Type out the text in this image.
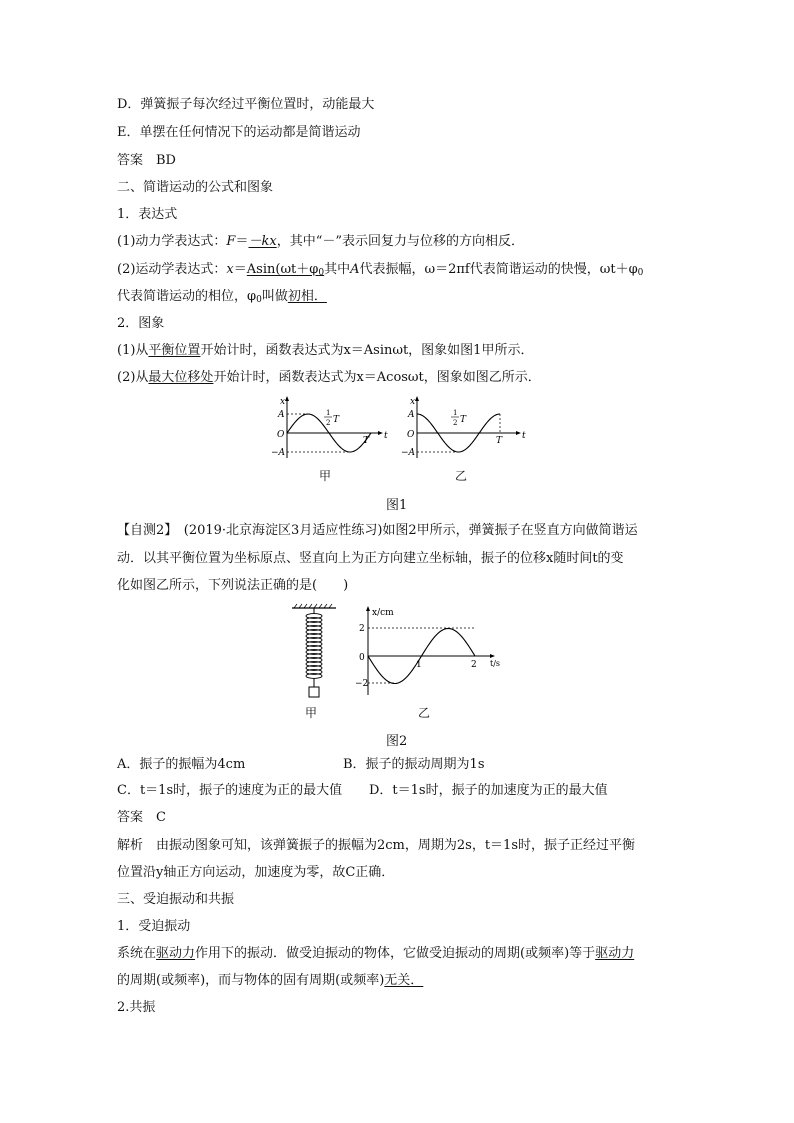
D．弹簧振子每次经过平衡位置时，动能最大
E．单摆在任何情况下的运动都是简谐运动
答案　BD
二、简谐运动的公式和图象
1．表达式
(1)动力学表达式：F＝－kx，其中“－”表示回复力与位移的方向相反．
(2)运动学表达式：$x=Asin(\omega t+\varphi_0$其中A代表振幅，ω＝2πf代表简谐运动的快慢，$\omega t+\varphi_0$
代表简谐运动的相位，$\varphi_0$叫做初相．
2．图象
(1)从平衡位置开始计时，函数表达式为x＝Asinωt，图象如图1甲所示．
(2)从最大位移处开始计时，函数表达式为x＝Acosωt，图象如图乙所示．
x
t
A
O
−A
1
2 T
T
甲
x
t
A
O
−A
1
2 T
T
乙
图1
【自测2】　(2019·北京海淀区3月适应性练习)如图2甲所示，弹簧振子在竖直方向做简谐运
动．以其平衡位置为坐标原点、竖直向上为正方向建立坐标轴，振子的位移x随时间t的变
化如图乙所示，下列说法正确的是(　　)
甲
x/cm
t/s
2
0
−2
1	2
乙
图2
A．振子的振幅为4cm	B．振子的振动周期为1s
C．t＝1s时，振子的速度为正的最大值 D．t＝1s时，振子的加速度为正的最大值
答案　C
解析　由振动图象可知，该弹簧振子的振幅为2cm，周期为2s，t＝1s时，振子正经过平衡
位置沿y轴正方向运动，加速度为零，故C正确．
三、受迫振动和共振
1．受迫振动
系统在驱动力作用下的振动．做受迫振动的物体，它做受迫振动的周期(或频率)等于驱动力
的周期(或频率)，而与物体的固有周期(或频率)无关．
2.共振
